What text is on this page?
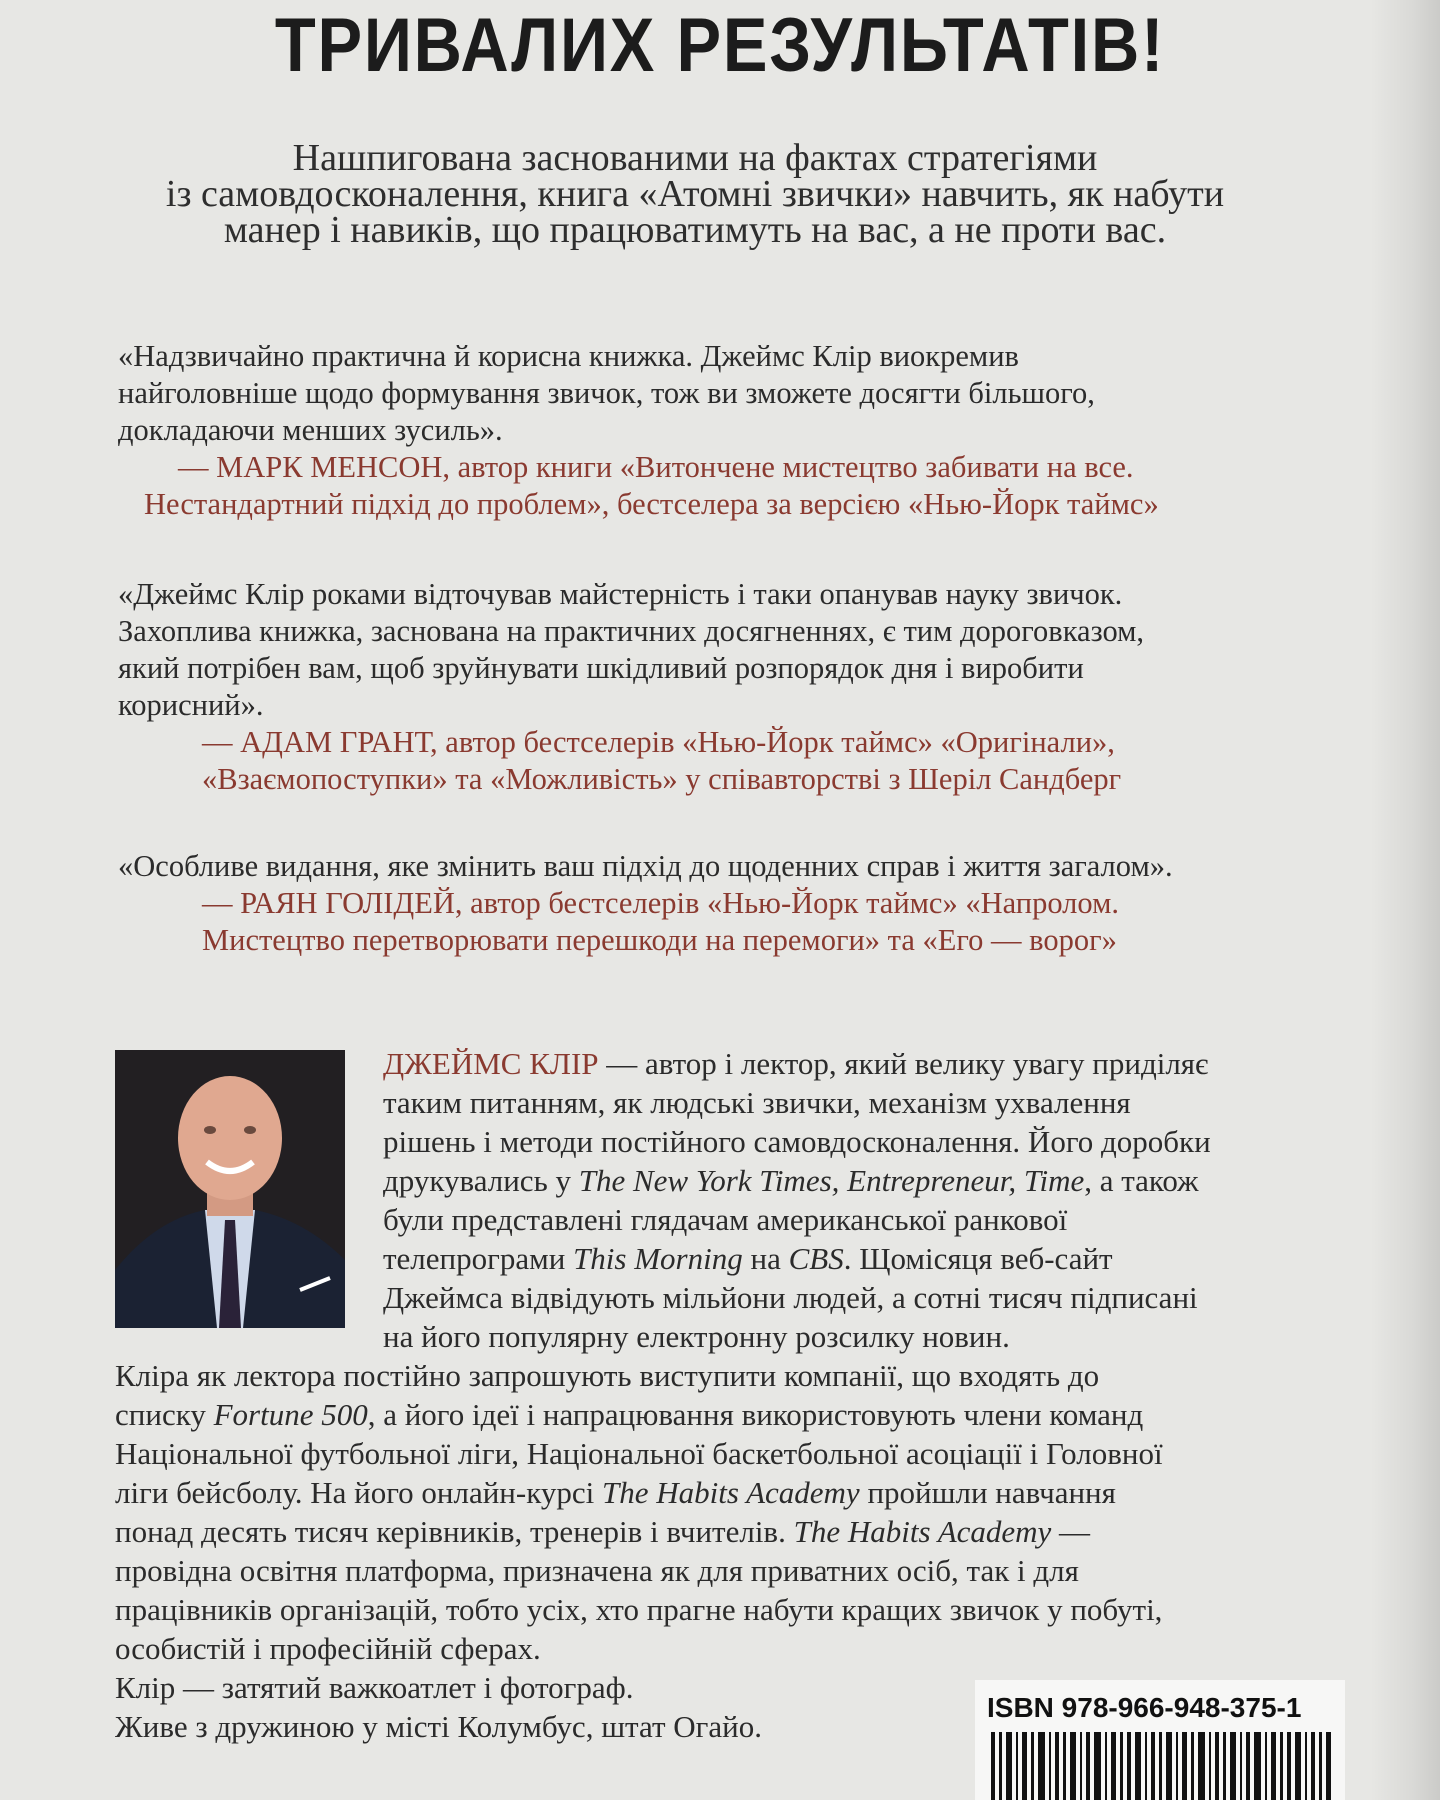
ТРИВАЛИХ РЕЗУЛЬТАТІВ!
Нашпигована заснованими на фактах стратегіями
із самовдосконалення, книга «Атомні звички» навчить, як набути
манер і навиків, що працюватимуть на вас, а не проти вас.
«Надзвичайно практична й корисна книжка. Джеймс Клір виокремив
найголовніше щодо формування звичок, тож ви зможете досягти більшого,
докладаючи менших зусиль».
— МАРК МЕНСОН, автор книги «Витончене мистецтво забивати на все.
Нестандартний підхід до проблем», бестселера за версією «Нью-Йорк таймс»
«Джеймс Клір роками відточував майстерність і таки опанував науку звичок.
Захоплива книжка, заснована на практичних досягненнях, є тим дороговказом,
який потрібен вам, щоб зруйнувати шкідливий розпорядок дня і виробити
корисний».
— АДАМ ГРАНТ, автор бестселерів «Нью-Йорк таймс» «Оригінали»,
«Взаємопоступки» та «Можливість» у співавторстві з Шеріл Сандберг
«Особливе видання, яке змінить ваш підхід до щоденних справ і життя загалом».
— РАЯН ГОЛІДЕЙ, автор бестселерів «Нью-Йорк таймс» «Напролом.
Мистецтво перетворювати перешкоди на перемоги» та «Его — ворог»
ДЖЕЙМС КЛІР — автор і лектор, який велику увагу приділяє
таким питанням, як людські звички, механізм ухвалення
рішень і методи постійного самовдосконалення. Його доробки
друкувались у The New York Times, Entrepreneur, Time, а також
були представлені глядачам американської ранкової
телепрограми This Morning на CBS. Щомісяця веб-сайт
Джеймса відвідують мільйони людей, а сотні тисяч підписані
на його популярну електронну розсилку новин.
Кліра як лектора постійно запрошують виступити компанії, що входять до
списку Fortune 500, а його ідеї і напрацювання використовують члени команд
Національної футбольної ліги, Національної баскетбольної асоціації і Головної
ліги бейсболу. На його онлайн-курсі The Habits Academy пройшли навчання
понад десять тисяч керівників, тренерів і вчителів. The Habits Academy —
провідна освітня платформа, призначена як для приватних осіб, так і для
працівників організацій, тобто усіх, хто прагне набути кращих звичок у побуті,
особистій і професійній сферах.
Клір — затятий важкоатлет і фотограф.
Живе з дружиною у місті Колумбус, штат Огайо.
ISBN 978-966-948-375-1
